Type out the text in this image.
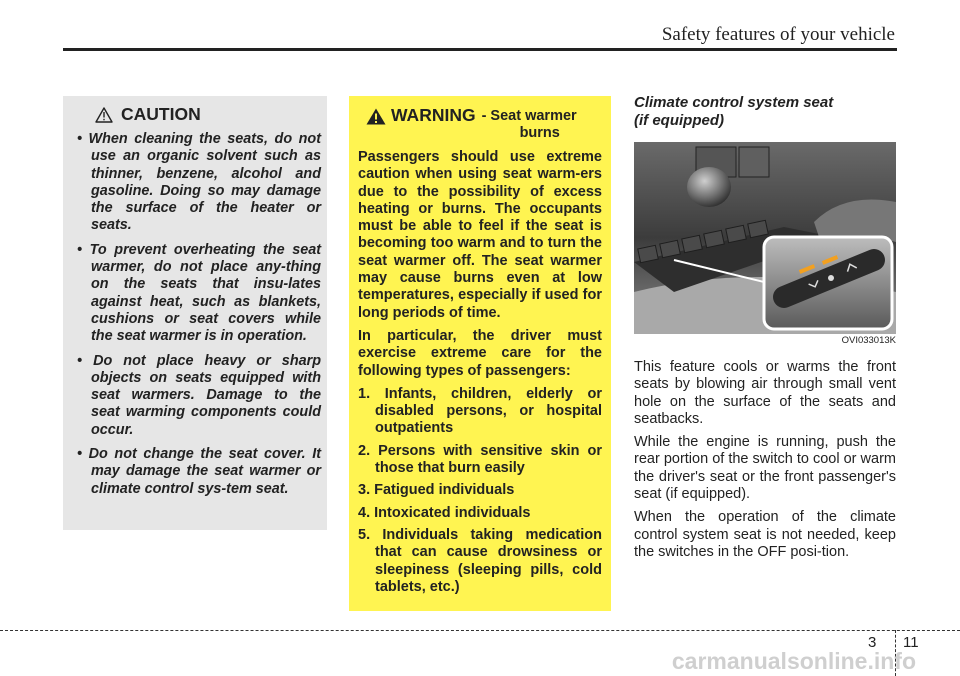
Safety features of your vehicle
CAUTION
• When cleaning the seats, do not use an organic solvent such as thinner, benzene, alcohol and gasoline. Doing so may damage the surface of the heater or seats.
• To prevent overheating the seat warmer, do not place any-thing on the seats that insu-lates against heat, such as blankets, cushions or seat covers while the seat warmer is in operation.
• Do not place heavy or sharp objects on seats equipped with seat warmers. Damage to the seat warming components could occur.
• Do not change the seat cover. It may damage the seat warmer or climate control sys-tem seat.
WARNING - Seat warmer
burns

Passengers should use extreme caution when using seat warm-ers due to the possibility of excess heating or burns. The occupants must be able to feel if the seat is becoming too warm and to turn the seat warmer off. The seat warmer may cause burns even at low temperatures, especially if used for long periods of time.

In particular, the driver must exercise extreme care for the following types of passengers:

1. Infants, children, elderly or disabled persons, or hospital outpatients
2. Persons with sensitive skin or those that burn easily
3. Fatigued individuals
4. Intoxicated individuals
5. Individuals taking medication that can cause drowsiness or sleepiness (sleeping pills, cold tablets, etc.)
Climate control system seat
(if equipped)
OVI033013K

This feature cools or warms the front seats by blowing air through small vent hole on the surface of the seats and seatbacks.

While the engine is running, push the rear portion of the switch to cool or warm the driver's seat or the front passenger's seat (if equipped).

When the operation of the climate control system seat is not needed, keep the switches in the OFF posi-tion.

3 11
carmanualsonline.info
